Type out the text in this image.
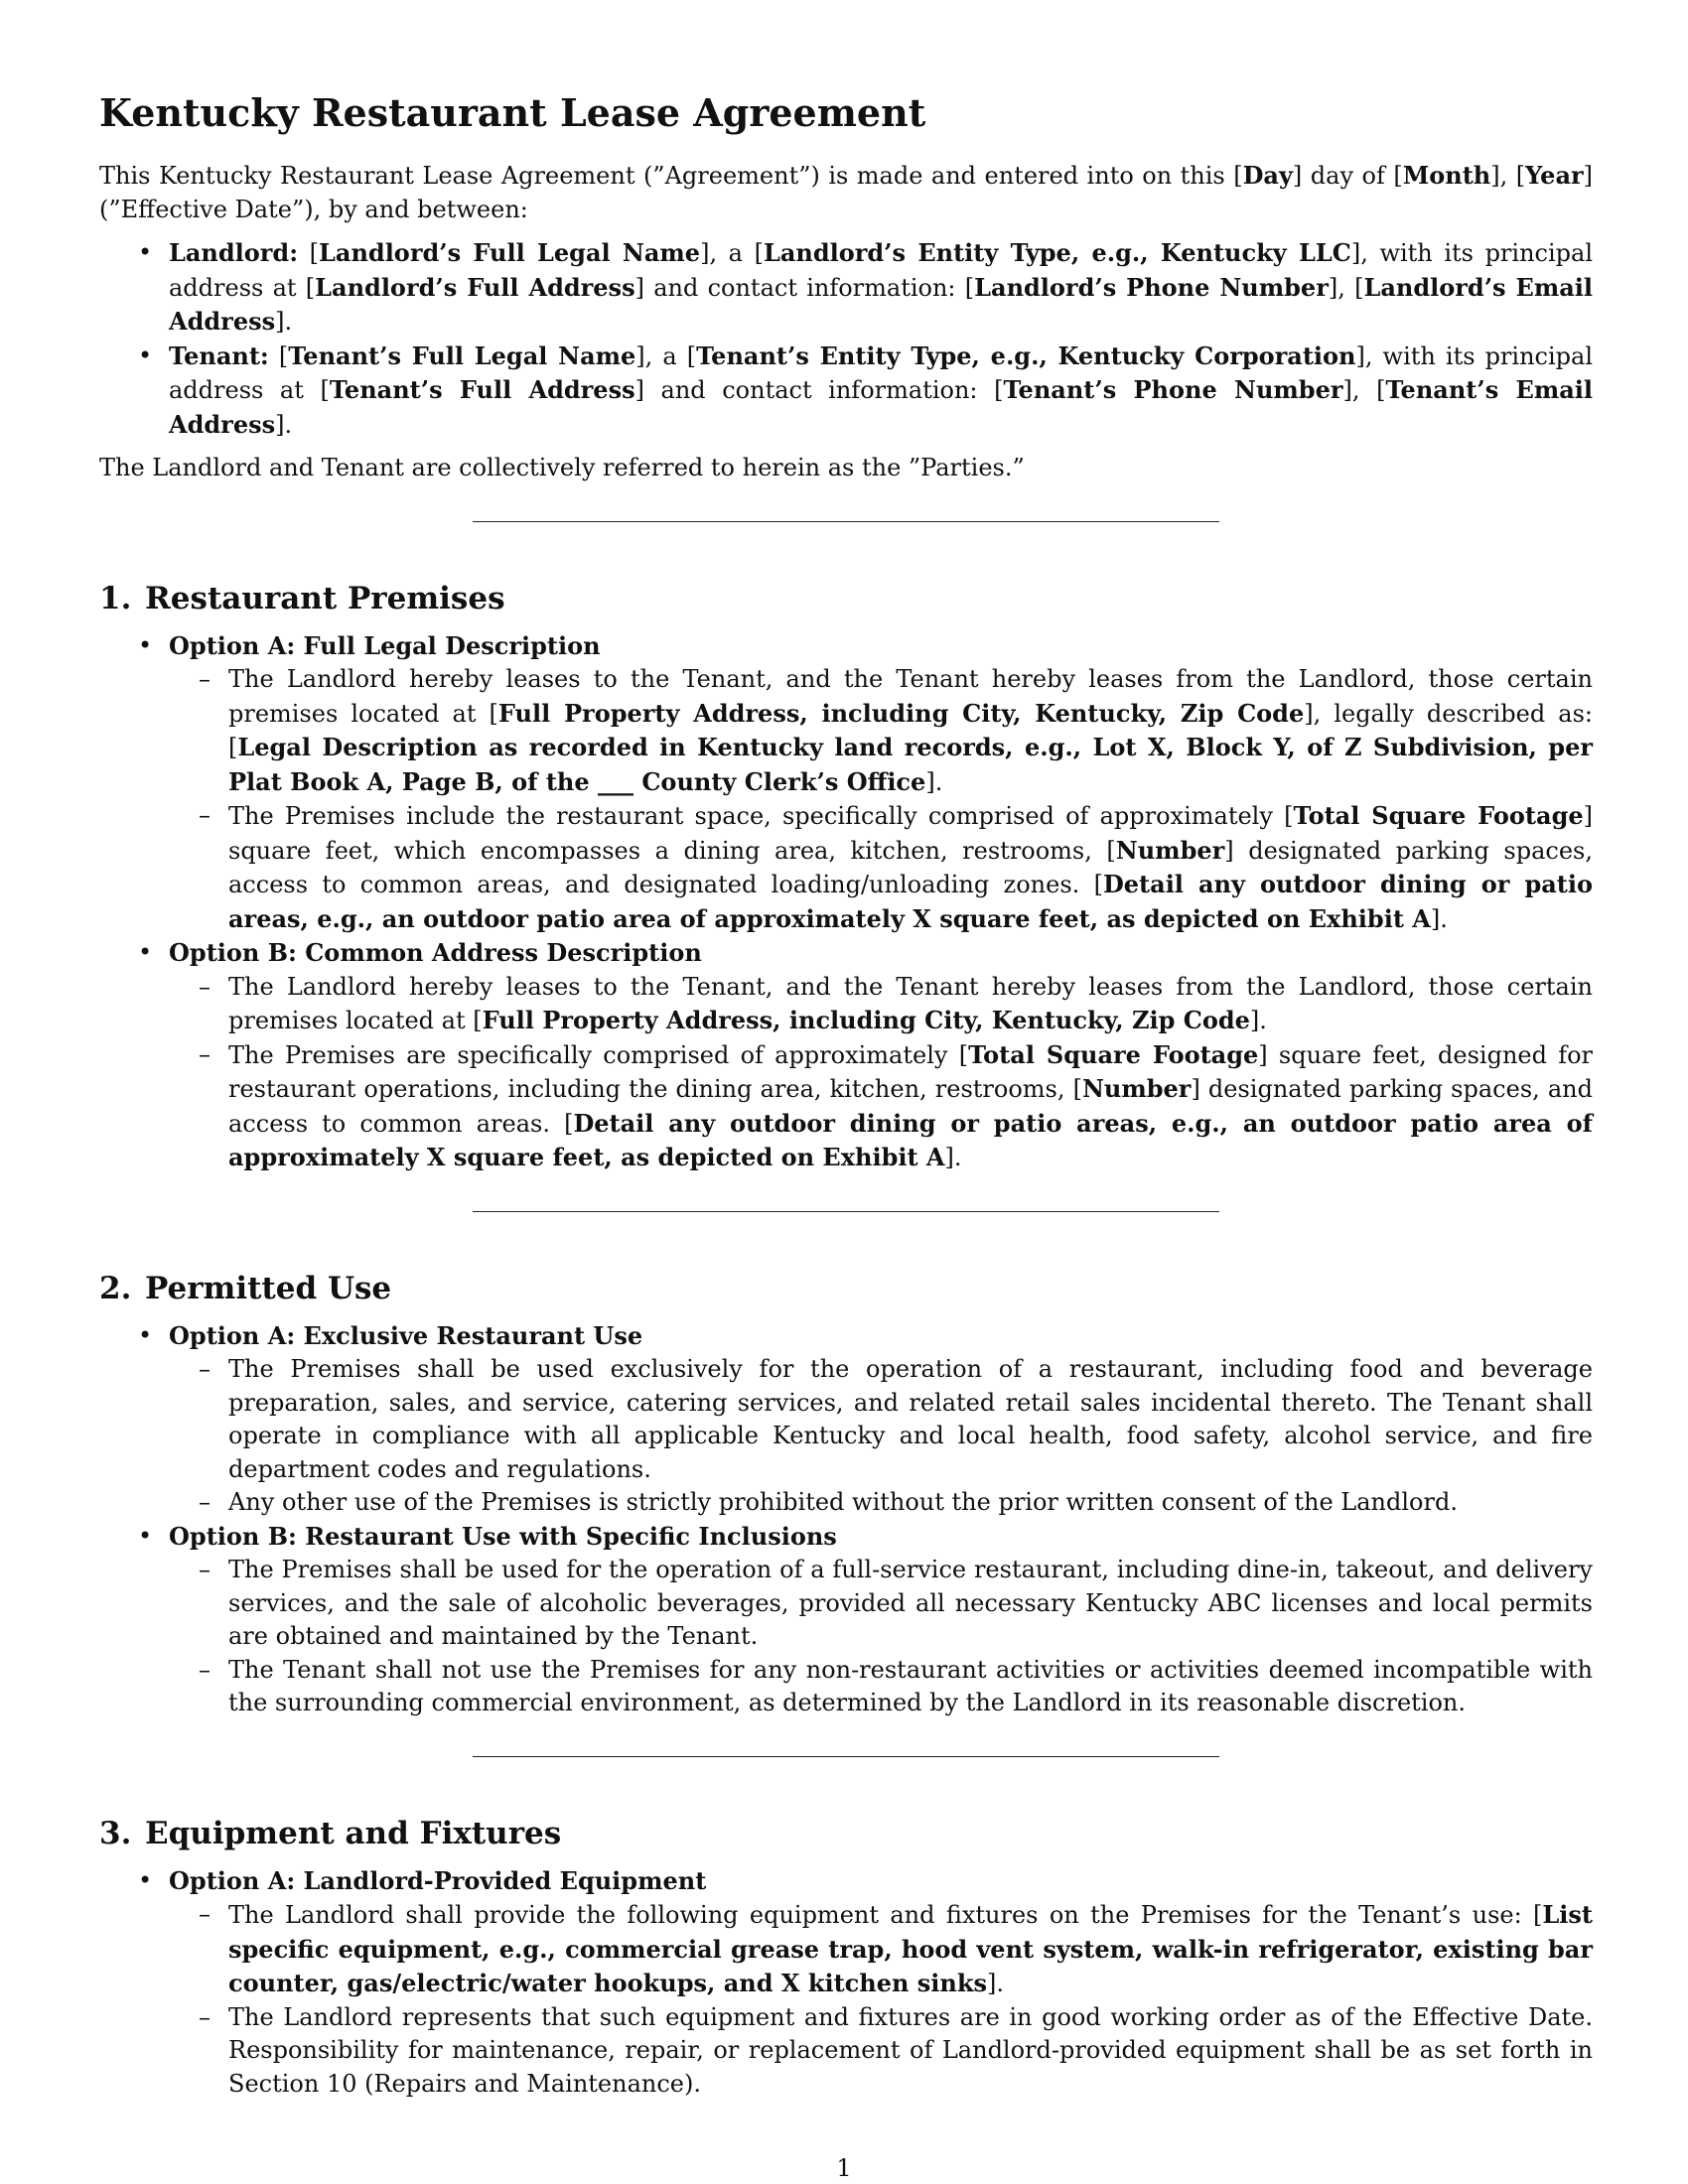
Kentucky Restaurant Lease Agreement

This Kentucky Restaurant Lease Agreement (”Agreement”) is made and entered into on this [Day] day of [Month], [Year] (”Effective Date”), by and between:

• Landlord: [Landlord’s Full Legal Name], a [Landlord’s Entity Type, e.g., Kentucky LLC], with its principal address at [Landlord’s Full Address] and contact information: [Landlord’s Phone Number], [Landlord’s Email Address].
• Tenant: [Tenant’s Full Legal Name], a [Tenant’s Entity Type, e.g., Kentucky Corporation], with its principal address at [Tenant’s Full Address] and contact information: [Tenant’s Phone Number], [Tenant’s Email Address].

The Landlord and Tenant are collectively referred to herein as the ”Parties.”

1. Restaurant Premises
• Option A: Full Legal Description
– The Landlord hereby leases to the Tenant, and the Tenant hereby leases from the Landlord, those certain premises located at [Full Property Address, including City, Kentucky, Zip Code], legally described as: [Legal Description as recorded in Kentucky land records, e.g., Lot X, Block Y, of Z Subdivision, per Plat Book A, Page B, of the ___ County Clerk’s Office].
– The Premises include the restaurant space, specifically comprised of approximately [Total Square Footage] square feet, which encompasses a dining area, kitchen, restrooms, [Number] designated parking spaces, access to common areas, and designated loading/unloading zones. [Detail any outdoor dining or patio areas, e.g., an outdoor patio area of approximately X square feet, as depicted on Exhibit A].
• Option B: Common Address Description
– The Landlord hereby leases to the Tenant, and the Tenant hereby leases from the Landlord, those certain premises located at [Full Property Address, including City, Kentucky, Zip Code].
– The Premises are specifically comprised of approximately [Total Square Footage] square feet, designed for restaurant operations, including the dining area, kitchen, restrooms, [Number] designated parking spaces, and access to common areas. [Detail any outdoor dining or patio areas, e.g., an outdoor patio area of approximately X square feet, as depicted on Exhibit A].
2. Permitted Use
• Option A: Exclusive Restaurant Use
– The Premises shall be used exclusively for the operation of a restaurant, including food and beverage preparation, sales, and service, catering services, and related retail sales incidental thereto. The Tenant shall operate in compliance with all applicable Kentucky and local health, food safety, alcohol service, and fire department codes and regulations.
– Any other use of the Premises is strictly prohibited without the prior written consent of the Landlord.
• Option B: Restaurant Use with Specific Inclusions
– The Premises shall be used for the operation of a full-service restaurant, including dine-in, takeout, and delivery services, and the sale of alcoholic beverages, provided all necessary Kentucky ABC licenses and local permits are obtained and maintained by the Tenant.
– The Tenant shall not use the Premises for any non-restaurant activities or activities deemed incompatible with the surrounding commercial environment, as determined by the Landlord in its reasonable discretion.
3. Equipment and Fixtures
• Option A: Landlord-Provided Equipment
– The Landlord shall provide the following equipment and fixtures on the Premises for the Tenant’s use: [List specific equipment, e.g., commercial grease trap, hood vent system, walk-in refrigerator, existing bar counter, gas/electric/water hookups, and X kitchen sinks].
– The Landlord represents that such equipment and fixtures are in good working order as of the Effective Date. Responsibility for maintenance, repair, or replacement of Landlord-provided equipment shall be as set forth in Section 10 (Repairs and Maintenance).
1
